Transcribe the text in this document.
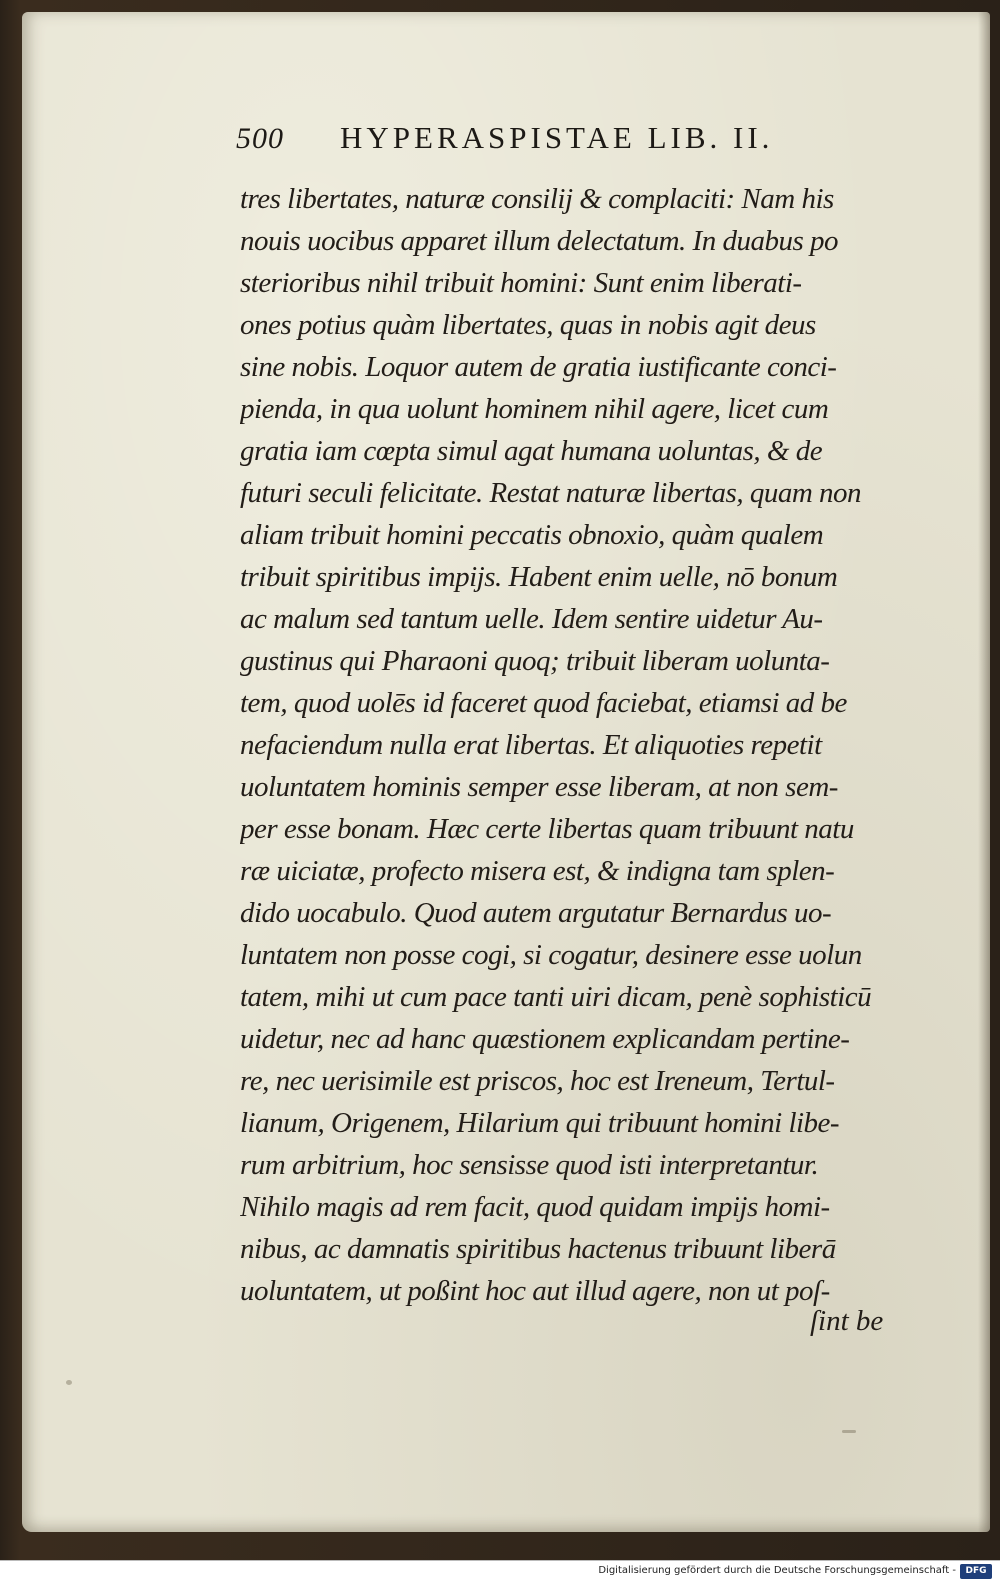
500 HYPERASPISTAE LIB. II.
tres libertates, naturæ consilij & complaciti: Nam his
nouis uocibus apparet illum delectatum. In duabus po
sterioribus nihil tribuit homini: Sunt enim liberati-
ones potius quàm libertates, quas in nobis agit deus
sine nobis. Loquor autem de gratia iustificante conci-
pienda, in qua uolunt hominem nihil agere, licet cum
gratia iam cœpta simul agat humana uoluntas, & de
futuri seculi felicitate. Restat naturæ libertas, quam non
aliam tribuit homini peccatis obnoxio, quàm qualem
tribuit spiritibus impijs. Habent enim uelle, nō bonum
ac malum sed tantum uelle. Idem sentire uidetur Au-
gustinus qui Pharaoni quoq; tribuit liberam uolunta-
tem, quod uolēs id faceret quod faciebat, etiamsi ad be
nefaciendum nulla erat libertas. Et aliquoties repetit
uoluntatem hominis semper esse liberam, at non sem-
per esse bonam. Hæc certe libertas quam tribuunt natu
ræ uiciatæ, profecto misera est, & indigna tam splen-
dido uocabulo. Quod autem argutatur Bernardus uo-
luntatem non posse cogi, si cogatur, desinere esse uolun
tatem, mihi ut cum pace tanti uiri dicam, penè sophisticū
uidetur, nec ad hanc quæstionem explicandam pertine-
re, nec uerisimile est priscos, hoc est Ireneum, Tertul-
lianum, Origenem, Hilarium qui tribuunt homini libe-
rum arbitrium, hoc sensisse quod isti interpretantur.
Nihilo magis ad rem facit, quod quidam impijs homi-
nibus, ac damnatis spiritibus hactenus tribuunt liberā
uoluntatem, ut poßint hoc aut illud agere, non ut poſ-
ſint be
Digitalisierung gefördert durch die Deutsche Forschungsgemeinschaft -	DFG
